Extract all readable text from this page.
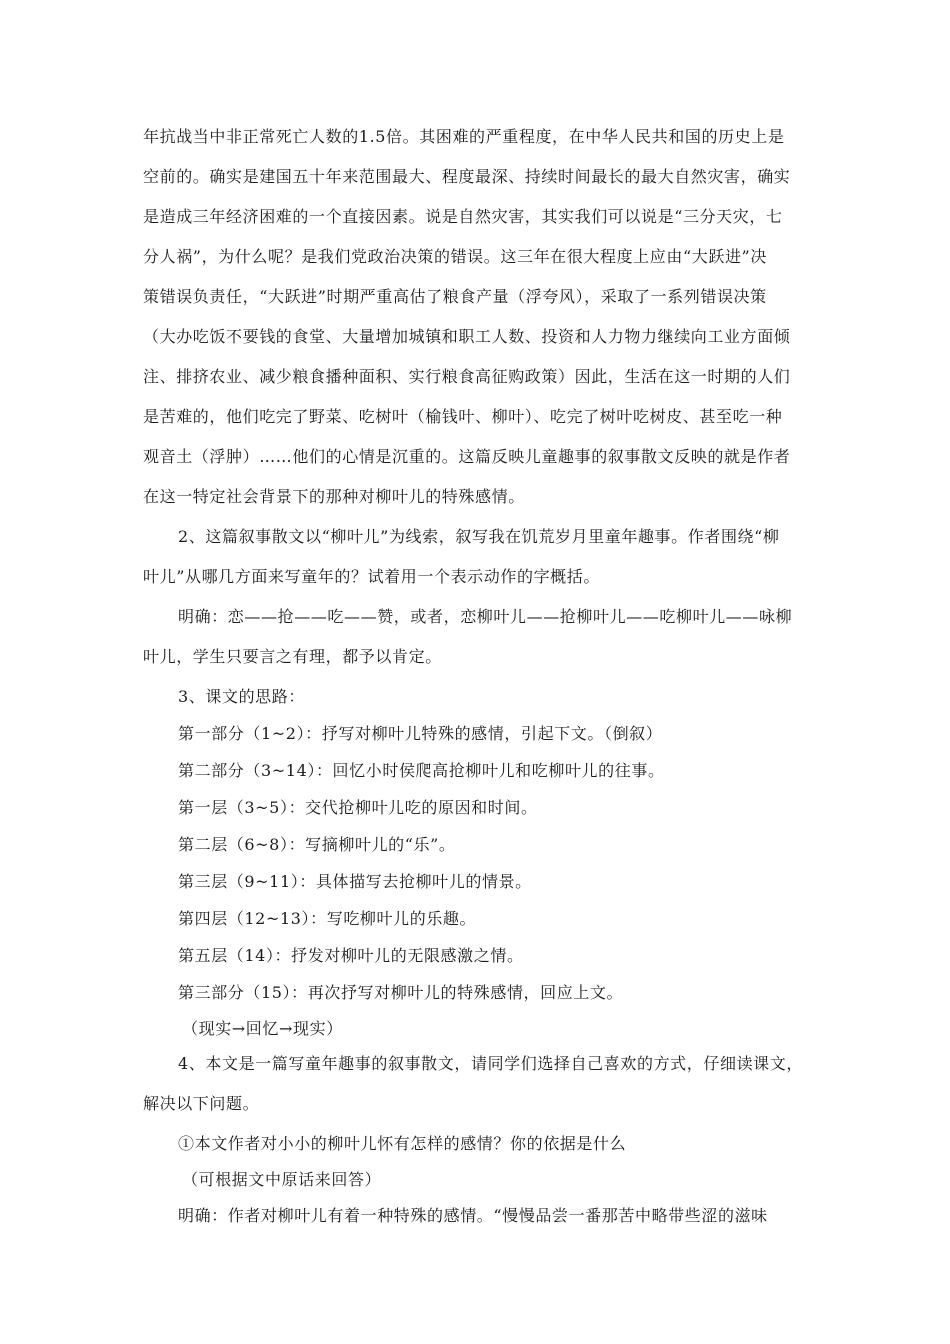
年抗战当中非正常死亡人数的1.5倍。其困难的严重程度，在中华人民共和国的历史上是
空前的。确实是建国五十年来范围最大、程度最深、持续时间最长的最大自然灾害，确实
是造成三年经济困难的一个直接因素。说是自然灾害，其实我们可以说是“三分天灾，七
分人祸”，为什么呢？是我们党政治决策的错误。这三年在很大程度上应由“大跃进”决
策错误负责任，“大跃进”时期严重高估了粮食产量（浮夸风），采取了一系列错误决策
（大办吃饭不要钱的食堂、大量增加城镇和职工人数、投资和人力物力继续向工业方面倾
注、排挤农业、减少粮食播种面积、实行粮食高征购政策）因此，生活在这一时期的人们
是苦难的，他们吃完了野菜、吃树叶（榆钱叶、柳叶）、吃完了树叶吃树皮、甚至吃一种
观音土（浮肿）……他们的心情是沉重的。这篇反映儿童趣事的叙事散文反映的就是作者
在这一特定社会背景下的那种对柳叶儿的特殊感情。
2、这篇叙事散文以“柳叶儿”为线索，叙写我在饥荒岁月里童年趣事。作者围绕“柳
叶儿”从哪几方面来写童年的？试着用一个表示动作的字概括。
明确：恋——抢——吃——赞，或者，恋柳叶儿——抢柳叶儿——吃柳叶儿——咏柳
叶儿，学生只要言之有理，都予以肯定。
3、课文的思路：
第一部分（1~2）：抒写对柳叶儿特殊的感情，引起下文。（倒叙）
第二部分（3~14）：回忆小时侯爬高抢柳叶儿和吃柳叶儿的往事。
第一层（3~5）：交代抢柳叶儿吃的原因和时间。
第二层（6~8）：写摘柳叶儿的“乐”。
第三层（9~11）：具体描写去抢柳叶儿的情景。
第四层（12~13）：写吃柳叶儿的乐趣。
第五层（14）：抒发对柳叶儿的无限感激之情。
第三部分（15）：再次抒写对柳叶儿的特殊感情，回应上文。
（现实→回忆→现实）
4、本文是一篇写童年趣事的叙事散文，请同学们选择自己喜欢的方式，仔细读课文，
解决以下问题。
①本文作者对小小的柳叶儿怀有怎样的感情？你的依据是什么
（可根据文中原话来回答）
明确：作者对柳叶儿有着一种特殊的感情。“慢慢品尝一番那苦中略带些涩的滋味
